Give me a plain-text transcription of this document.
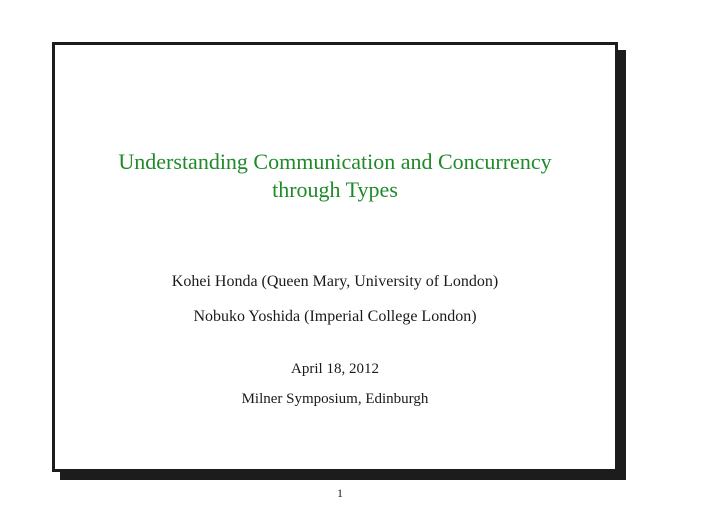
Understanding Communication and Concurrency
through Types
Kohei Honda (Queen Mary, University of London)
Nobuko Yoshida (Imperial College London)
April 18, 2012
Milner Symposium, Edinburgh
1
